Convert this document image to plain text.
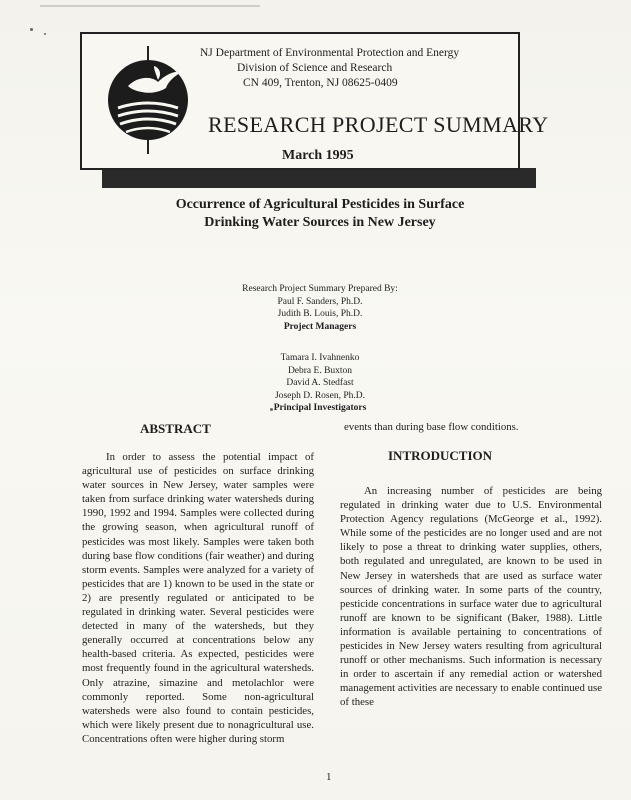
NJ Department of Environmental Protection and Energy
Division of Science and Research
CN 409, Trenton, NJ 08625-0409
RESEARCH PROJECT SUMMARY
March 1995
Occurrence of Agricultural Pesticides in Surface
Drinking Water Sources in New Jersey
Research Project Summary Prepared By:
Paul F. Sanders, Ph.D.
Judith B. Louis, Ph.D.
Project Managers
Tamara I. Ivahnenko
Debra E. Buxton
David A. Stedfast
Joseph D. Rosen, Ph.D.
Principal Investigators
ABSTRACT

In order to assess the potential impact of agricultural use of pesticides on surface drinking water sources in New Jersey, water samples were taken from surface drinking water watersheds during 1990, 1992 and 1994. Samples were collected during the growing season, when agricultural runoff of pesticides was most likely. Samples were taken both during base flow conditions (fair weather) and during storm events. Samples were analyzed for a variety of pesticides that are 1) known to be used in the state or 2) are presently regulated or anticipated to be regulated in drinking water. Several pesticides were detected in many of the watersheds, but they generally occurred at concentrations below any health-based criteria. As expected, pesticides were most frequently found in the agricultural watersheds. Only atrazine, simazine and metolachlor were commonly reported. Some non-agricultural watersheds were also found to contain pesticides, which were likely present due to nonagricultural use. Concentrations often were higher during storm

events than during base flow conditions.
INTRODUCTION

An increasing number of pesticides are being regulated in drinking water due to U.S. Environmental Protection Agency regulations (McGeorge et al., 1992). While some of the pesticides are no longer used and are not likely to pose a threat to drinking water supplies, others, both regulated and unregulated, are known to be used in New Jersey in watersheds that are used as surface water sources of drinking water. In some parts of the country, pesticide concentrations in surface water due to agricultural runoff are known to be significant (Baker, 1988). Little information is available pertaining to concentrations of pesticides in New Jersey waters resulting from agricultural runoff or other mechanisms. Such information is necessary in order to ascertain if any remedial action or watershed management activities are necessary to enable continued use of these

1
